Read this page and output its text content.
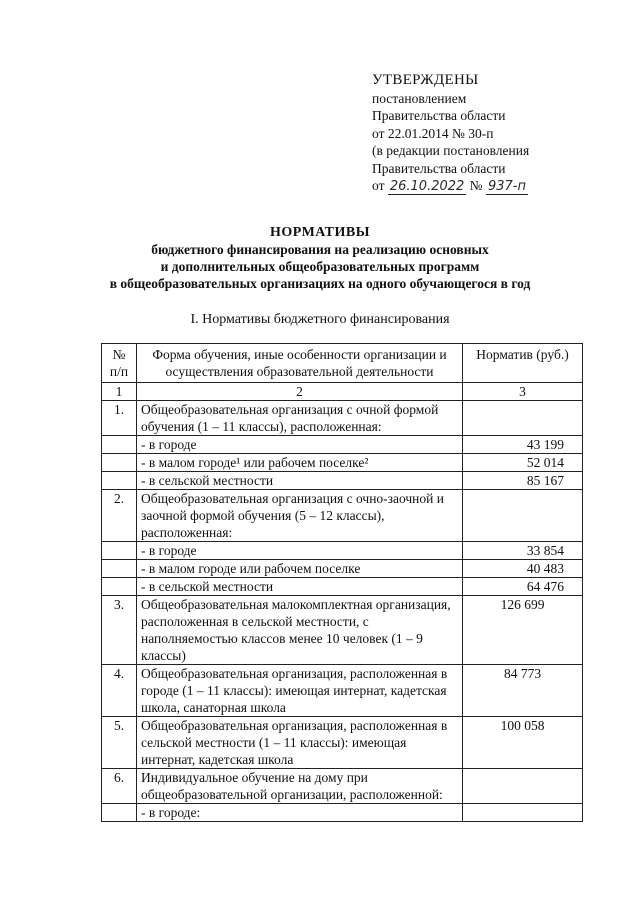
УТВЕРЖДЕНЫ
постановлением
Правительства области
от 22.01.2014 № 30-п
(в редакции постановления
Правительства области
от 26.10.2022 № 937-п
НОРМАТИВЫ
бюджетного финансирования на реализацию основных
и дополнительных общеобразовательных программ
в общеобразовательных организациях на одного обучающегося в год
I. Нормативы бюджетного финансирования
№ п/п	Форма обучения, иные особенности организации и осуществления образовательной деятельности	Норматив (руб.)
1	2	3
1.	Общеобразовательная организация с очной формой обучения (1 – 11 классы), расположенная:	
	- в городе	43 199
	- в малом городе¹ или рабочем поселке²	52 014
	- в сельской местности	85 167
2.	Общеобразовательная организация с очно-заочной и заочной формой обучения (5 – 12 классы), расположенная:	
	- в городе	33 854
	- в малом городе или рабочем поселке	40 483
	- в сельской местности	64 476
3.	Общеобразовательная малокомплектная организация, расположенная в сельской местности, с наполняемостью классов менее 10 человек (1 – 9 классы)	126 699
4.	Общеобразовательная организация, расположенная в городе (1 – 11 классы): имеющая интернат, кадетская школа, санаторная школа	84 773
5.	Общеобразовательная организация, расположенная в сельской местности (1 – 11 классы): имеющая интернат, кадетская школа	100 058
6.	Индивидуальное обучение на дому при общеобразовательной организации, расположенной:	
	- в городе:	
